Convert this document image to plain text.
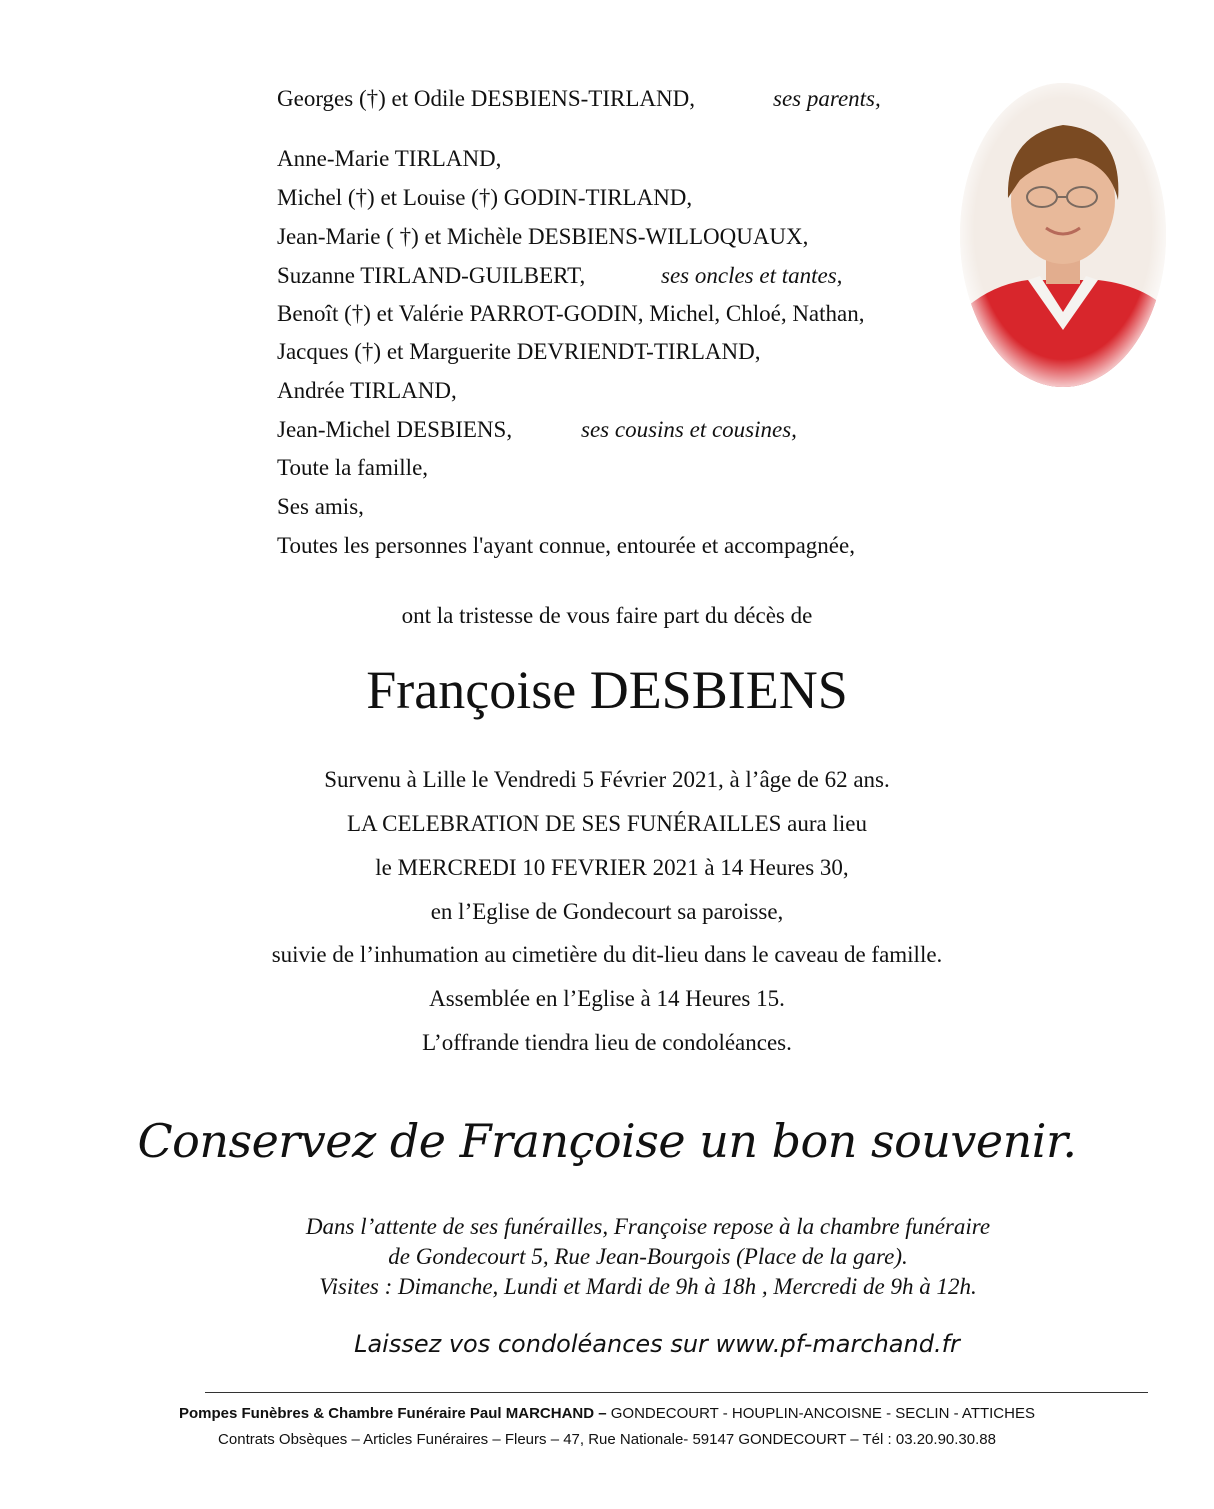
Georges (†) et Odile DESBIENS-TIRLAND,	ses parents,
Anne-Marie TIRLAND,
Michel (†) et Louise (†) GODIN-TIRLAND,
Jean-Marie ( †) et Michèle DESBIENS-WILLOQUAUX,
Suzanne TIRLAND-GUILBERT,	ses oncles et tantes,
Benoît (†) et Valérie PARROT-GODIN, Michel, Chloé, Nathan,
Jacques (†) et Marguerite DEVRIENDT-TIRLAND,
Andrée TIRLAND,
Jean-Michel DESBIENS,	ses cousins et cousines,
Toute la famille,
Ses amis,
Toutes les personnes l'ayant connue, entourée et accompagnée,
ont la tristesse de vous faire part du décès de
Françoise DESBIENS
Survenu à Lille le Vendredi 5 Février 2021, à l’âge de 62 ans.
LA CELEBRATION DE SES FUNÉRAILLES aura lieu
le MERCREDI 10 FEVRIER 2021 à 14 Heures 30,
en l’Eglise de Gondecourt sa paroisse,
suivie de l’inhumation au cimetière du dit-lieu dans le caveau de famille.
Assemblée en l’Eglise à 14 Heures 15.
L’offrande tiendra lieu de condoléances.
Conservez de Françoise un bon souvenir.
Dans l’attente de ses funérailles, Françoise repose à la chambre funéraire
de Gondecourt 5, Rue Jean-Bourgois (Place de la gare).
Visites : Dimanche, Lundi et Mardi de 9h à 18h , Mercredi de 9h à 12h.
Laissez vos condoléances sur www.pf-marchand.fr
Pompes Funèbres & Chambre Funéraire Paul MARCHAND – GONDECOURT - HOUPLIN-ANCOISNE - SECLIN - ATTICHES
Contrats Obsèques – Articles Funéraires – Fleurs – 47, Rue Nationale- 59147 GONDECOURT – Tél : 03.20.90.30.88
